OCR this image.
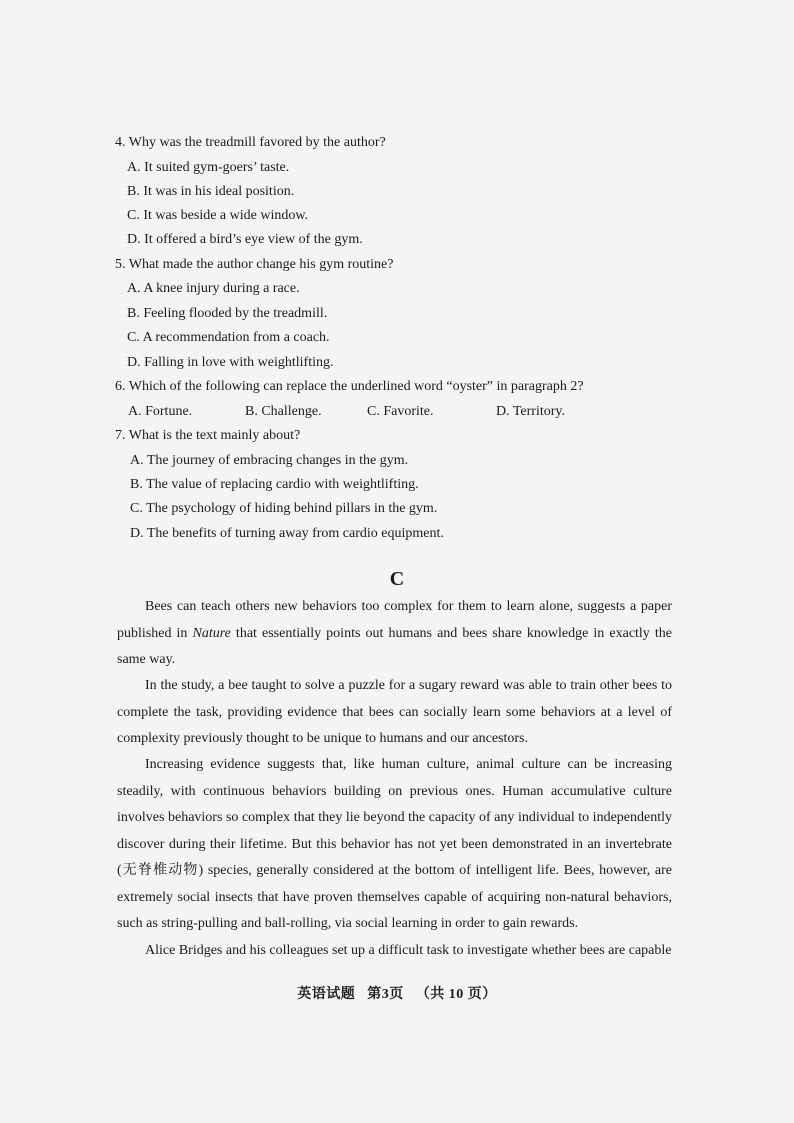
4. Why was the treadmill favored by the author?
A. It suited gym-goers’ taste.
B. It was in his ideal position.
C. It was beside a wide window.
D. It offered a bird’s eye view of the gym.
5. What made the author change his gym routine?
A. A knee injury during a race.
B. Feeling flooded by the treadmill.
C. A recommendation from a coach.
D. Falling in love with weightlifting.
6. Which of the following can replace the underlined word “oyster” in paragraph 2?
A. Fortune.	B. Challenge.	C. Favorite.	D. Territory.
7. What is the text mainly about?
A. The journey of embracing changes in the gym.
B. The value of replacing cardio with weightlifting.
C. The psychology of hiding behind pillars in the gym.
D. The benefits of turning away from cardio equipment.
C
Bees can teach others new behaviors too complex for them to learn alone, suggests a paper published in Nature that essentially points out humans and bees share knowledge in exactly the same way.
In the study, a bee taught to solve a puzzle for a sugary reward was able to train other bees to complete the task, providing evidence that bees can socially learn some behaviors at a level of complexity previously thought to be unique to humans and our ancestors.
Increasing evidence suggests that, like human culture, animal culture can be increasing steadily, with continuous behaviors building on previous ones. Human accumulative culture involves behaviors so complex that they lie beyond the capacity of any individual to independently discover during their lifetime. But this behavior has not yet been demonstrated in an invertebrate (无脊椎动物) species, generally considered at the bottom of intelligent life. Bees, however, are extremely social insects that have proven themselves capable of acquiring non-natural behaviors, such as string-pulling and ball-rolling, via social learning in order to gain rewards.
Alice Bridges and his colleagues set up a difficult task to investigate whether bees are capable
英语试题 第3页 （共 10 页）
